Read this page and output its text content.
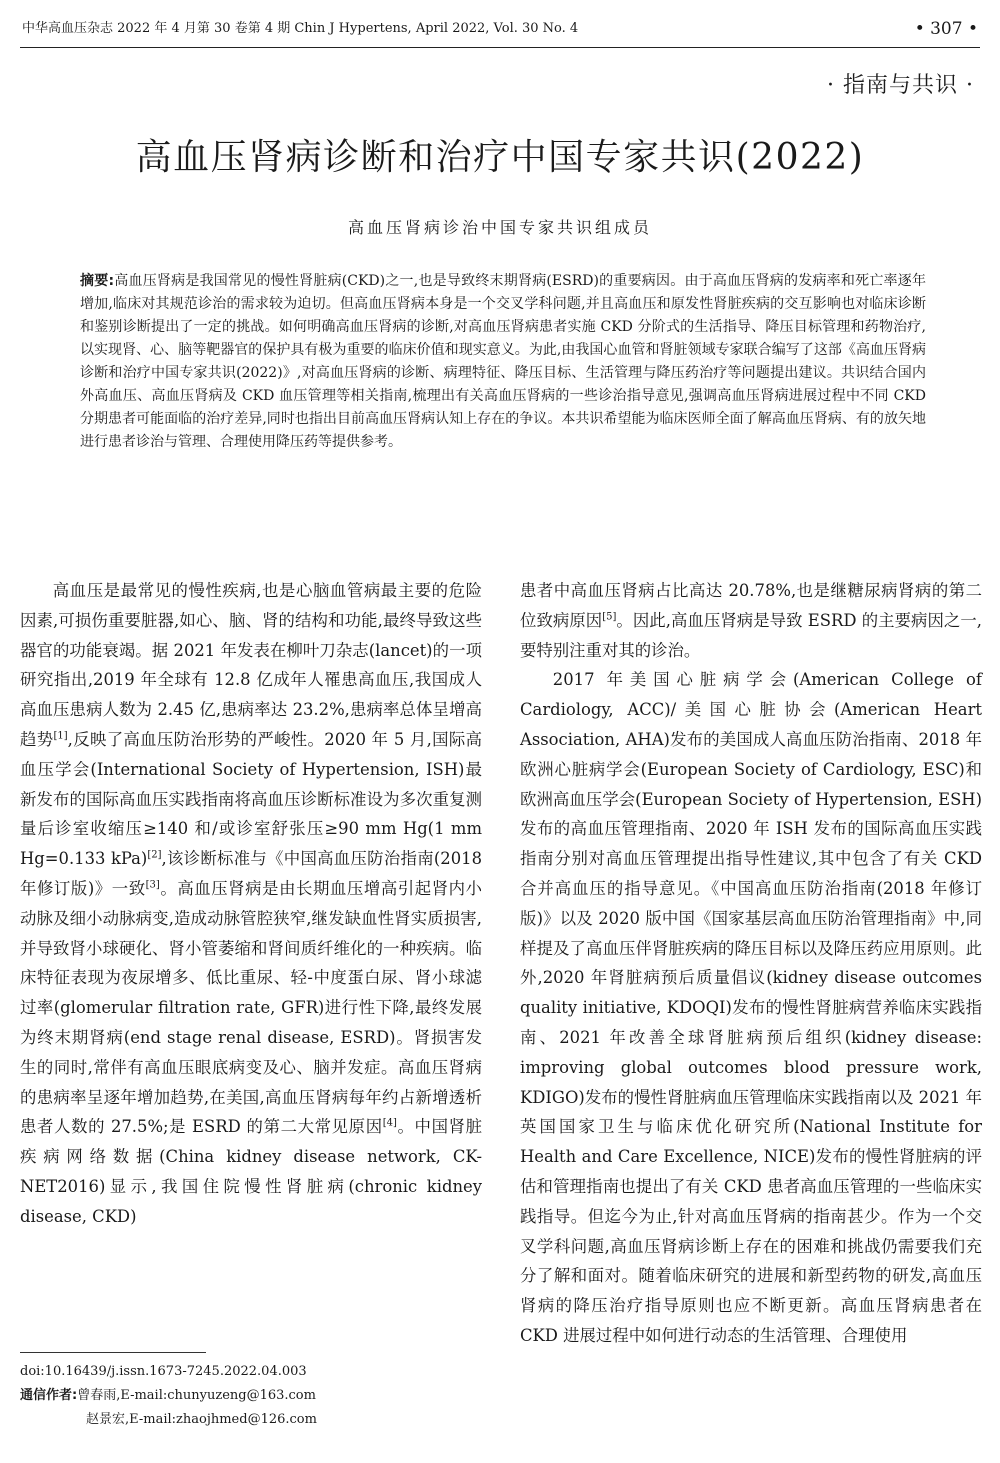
中华高血压杂志 2022 年 4 月第 30 卷第 4 期 Chin J Hypertens, April 2022, Vol. 30 No. 4	• 307 •
· 指南与共识 ·
高血压肾病诊断和治疗中国专家共识(2022)
高血压肾病诊治中国专家共识组成员
摘要:高血压肾病是我国常见的慢性肾脏病(CKD)之一,也是导致终末期肾病(ESRD)的重要病因。由于高血压肾病的发病率和死亡率逐年增加,临床对其规范诊治的需求较为迫切。但高血压肾病本身是一个交叉学科问题,并且高血压和原发性肾脏疾病的交互影响也对临床诊断和鉴别诊断提出了一定的挑战。如何明确高血压肾病的诊断,对高血压肾病患者实施 CKD 分阶式的生活指导、降压目标管理和药物治疗,以实现肾、心、脑等靶器官的保护具有极为重要的临床价值和现实意义。为此,由我国心血管和肾脏领域专家联合编写了这部《高血压肾病诊断和治疗中国专家共识(2022)》,对高血压肾病的诊断、病理特征、降压目标、生活管理与降压药治疗等问题提出建议。共识结合国内外高血压、高血压肾病及 CKD 血压管理等相关指南,梳理出有关高血压肾病的一些诊治指导意见,强调高血压肾病进展过程中不同 CKD 分期患者可能面临的治疗差异,同时也指出目前高血压肾病认知上存在的争议。本共识希望能为临床医师全面了解高血压肾病、有的放矢地进行患者诊治与管理、合理使用降压药等提供参考。

高血压是最常见的慢性疾病,也是心脑血管病最主要的危险因素,可损伤重要脏器,如心、脑、肾的结构和功能,最终导致这些器官的功能衰竭。据 2021 年发表在柳叶刀杂志(lancet)的一项研究指出,2019 年全球有 12.8 亿成年人罹患高血压,我国成人高血压患病人数为 2.45 亿,患病率达 23.2%,患病率总体呈增高趋势[1],反映了高血压防治形势的严峻性。2020 年 5 月,国际高血压学会(International Society of Hypertension, ISH)最新发布的国际高血压实践指南将高血压诊断标准设为多次重复测量后诊室收缩压≥140 和/或诊室舒张压≥90 mm Hg(1 mm Hg=0.133 kPa)[2],该诊断标准与《中国高血压防治指南(2018 年修订版)》一致[3]。高血压肾病是由长期血压增高引起肾内小动脉及细小动脉病变,造成动脉管腔狭窄,继发缺血性肾实质损害,并导致肾小球硬化、肾小管萎缩和肾间质纤维化的一种疾病。临床特征表现为夜尿增多、低比重尿、轻-中度蛋白尿、肾小球滤过率(glomerular filtration rate, GFR)进行性下降,最终发展为终末期肾病(end stage renal disease, ESRD)。肾损害发生的同时,常伴有高血压眼底病变及心、脑并发症。高血压肾病的患病率呈逐年增加趋势,在美国,高血压肾病每年约占新增透析患者人数的 27.5%;是 ESRD 的第二大常见原因[4]。中国肾脏疾病网络数据(China kidney disease network, CK-NET2016)显示,我国住院慢性肾脏病(chronic kidney disease, CKD)

患者中高血压肾病占比高达 20.78%,也是继糖尿病肾病的第二位致病原因[5]。因此,高血压肾病是导致 ESRD 的主要病因之一,要特别注重对其的诊治。

2017 年美国心脏病学会(American College of Cardiology, ACC)/美国心脏协会(American Heart Association, AHA)发布的美国成人高血压防治指南、2018 年欧洲心脏病学会(European Society of Cardiology, ESC)和欧洲高血压学会(European Society of Hypertension, ESH)发布的高血压管理指南、2020 年 ISH 发布的国际高血压实践指南分别对高血压管理提出指导性建议,其中包含了有关 CKD 合并高血压的指导意见。《中国高血压防治指南(2018 年修订版)》以及 2020 版中国《国家基层高血压防治管理指南》中,同样提及了高血压伴肾脏疾病的降压目标以及降压药应用原则。此外,2020 年肾脏病预后质量倡议(kidney disease outcomes quality initiative, KDOQI)发布的慢性肾脏病营养临床实践指南、2021 年改善全球肾脏病预后组织(kidney disease: improving global outcomes blood pressure work, KDIGO)发布的慢性肾脏病血压管理临床实践指南以及 2021 年英国国家卫生与临床优化研究所(National Institute for Health and Care Excellence, NICE)发布的慢性肾脏病的评估和管理指南也提出了有关 CKD 患者高血压管理的一些临床实践指导。但迄今为止,针对高血压肾病的指南甚少。作为一个交叉学科问题,高血压肾病诊断上存在的困难和挑战仍需要我们充分了解和面对。随着临床研究的进展和新型药物的研发,高血压肾病的降压治疗指导原则也应不断更新。高血压肾病患者在 CKD 进展过程中如何进行动态的生活管理、合理使用

doi:10.16439/j.issn.1673-7245.2022.04.003
通信作者:曾春雨,E-mail:chunyuzeng@163.com
赵景宏,E-mail:zhaojhmed@126.com
